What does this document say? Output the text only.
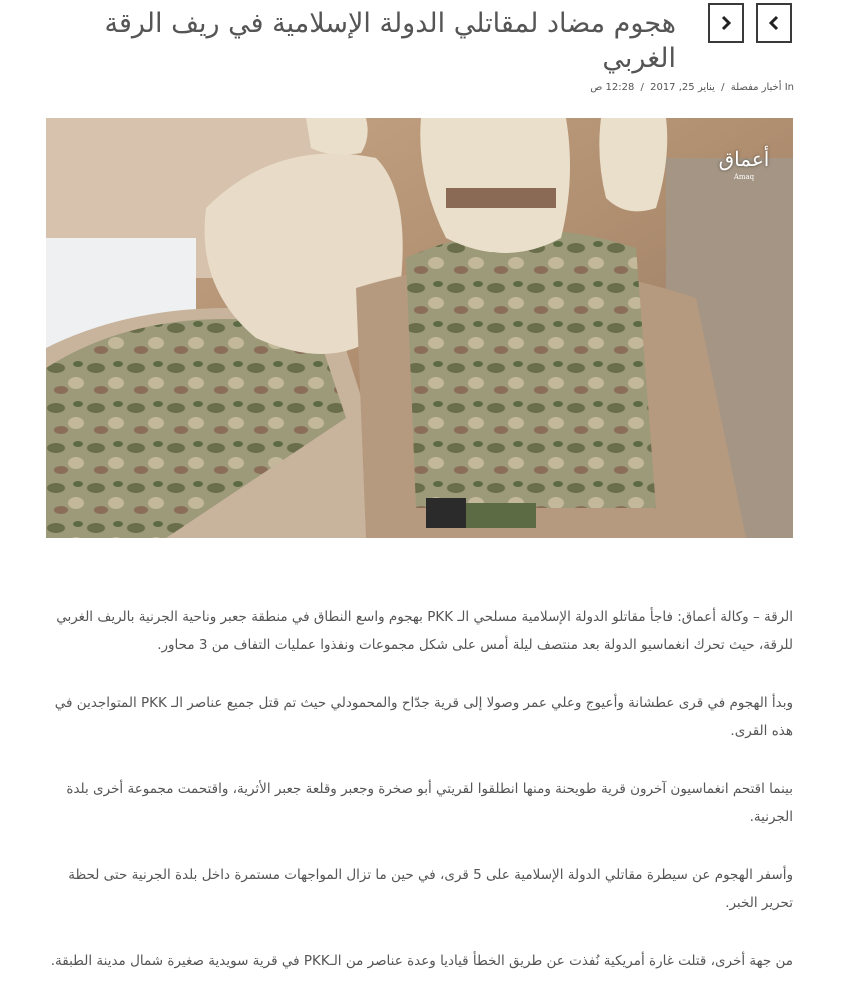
هجوم مضاد لمقاتلي الدولة الإسلامية في ريف الرقة الغربي
In أخبار مفصلة / يناير 25, 2017 / 12:28 ص
أعماق
Amaq

الرقة – وكالة أعماق: فاجأ مقاتلو الدولة الإسلامية مسلحي الـ PKK بهجوم واسع النطاق في منطقة جعبر وناحية الجرنية بالريف الغربي للرقة، حيث تحرك انغماسيو الدولة بعد منتصف ليلة أمس على شكل مجموعات ونفذوا عمليات التفاف من 3 محاور.

وبدأ الهجوم في قرى عطشانة وأعيوج وعلي عمر وصولا إلى قرية جدّاح والمحمودلي حيث تم قتل جميع عناصر الـ PKK المتواجدين في هذه القرى.

بينما اقتحم انغماسيون آخرون قرية طويحنة ومنها انطلقوا لقريتي أبو صخرة وجعبر وقلعة جعبر الأثرية، واقتحمت مجموعة أخرى بلدة الجرنية.

وأسفر الهجوم عن سيطرة مقاتلي الدولة الإسلامية على 5 قرى، في حين ما تزال المواجهات مستمرة داخل بلدة الجرنية حتى لحظة تحرير الخبر.

من جهة أخرى، قتلت غارة أمريكية نُفذت عن طريق الخطأ قياديا وعدة عناصر من الـPKK في قرية سويدية صغيرة شمال مدينة الطبقة.
